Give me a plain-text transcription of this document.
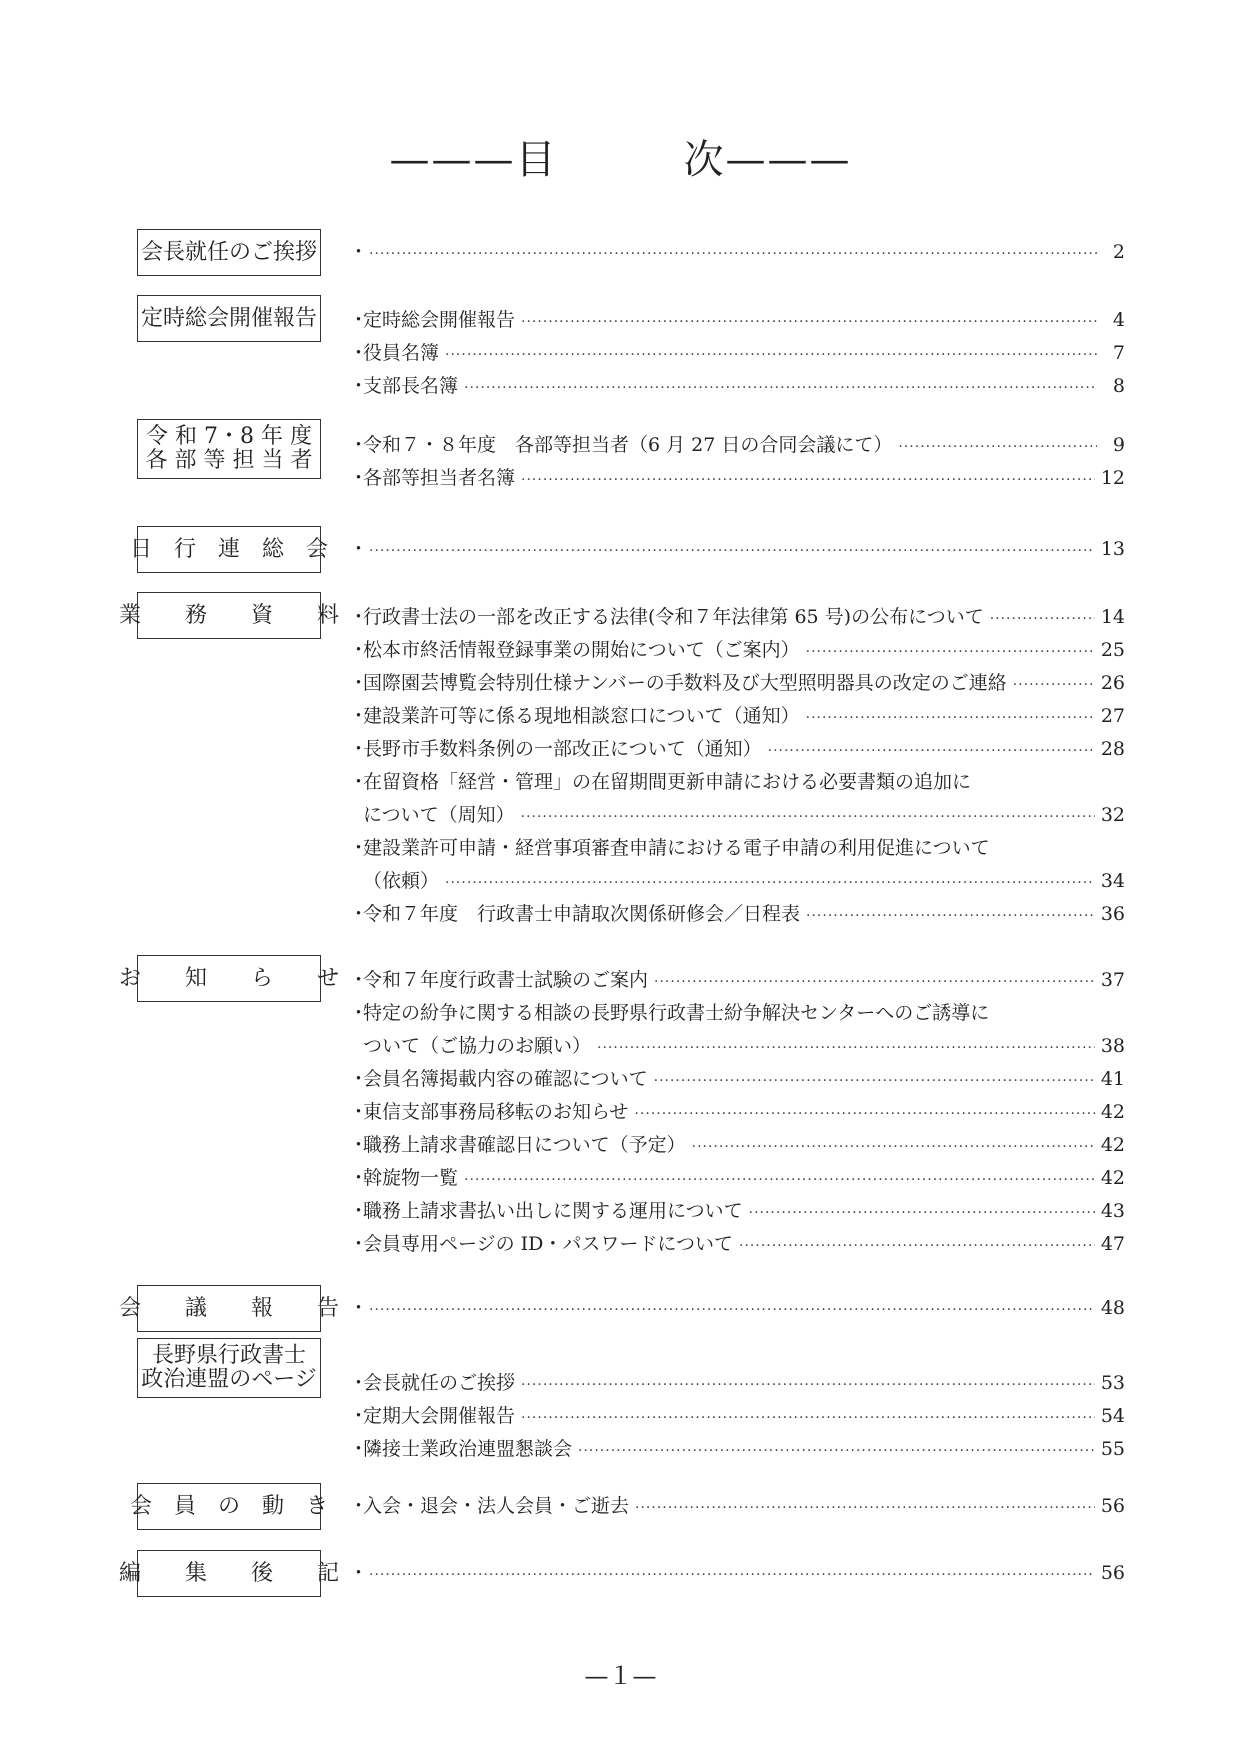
———目　　　次———
会長就任のご挨拶 ・ ·····	2
定時総会開催報告 ・
定時総会開催報告 ·····	4
・
役員名簿 ·····	7
・
支部長名簿 ·····	8
令 和 7・8 年 度
各 部 等 担 当 者
・
令和７・８年度　各部等担当者（6 月 27 日の合同会議にて） ·····	9
・
各部等担当者名簿 ·····	12
日　行　連　総　会 ・ ·····	13
業　　務　　資　　料 ・
行政書士法の一部を改正する法律(令和７年法律第 65 号)の公布について ·····	14
・
松本市終活情報登録事業の開始について（ご案内） ·····	25
・
国際園芸博覧会特別仕様ナンバーの手数料及び大型照明器具の改定のご連絡 ·····	26
・
建設業許可等に係る現地相談窓口について（通知） ·····	27
・
長野市手数料条例の一部改正について（通知） ·····	28
・
在留資格「経営・管理」の在留期間更新申請における必要書類の追加に
について（周知） ·····	32
・
建設業許可申請・経営事項審査申請における電子申請の利用促進について
（依頼） ·····	34
・
令和７年度　行政書士申請取次関係研修会／日程表 ·····	36
お　　知　　ら　　せ ・
令和７年度行政書士試験のご案内 ·····	37
・
特定の紛争に関する相談の長野県行政書士紛争解決センターへのご誘導に
ついて（ご協力のお願い） ·····	38
・
会員名簿掲載内容の確認について ·····	41
・
東信支部事務局移転のお知らせ ·····	42
・
職務上請求書確認日について（予定） ·····	42
・
斡旋物一覧 ·····	42
・
職務上請求書払い出しに関する運用について ·····	43
・
会員専用ページの ID・パスワードについて ·····	47
会　　議　　報　　告 ・ ·····	48
長野県行政書士
政治連盟のページ ・
会長就任のご挨拶 ·····	53
・
定期大会開催報告 ·····	54
・
隣接士業政治連盟懇談会 ·····	55
会　員　の　動　き ・
入会・退会・法人会員・ご逝去 ·····	56
編　　集　　後　　記 ・ ·····	56
—１—
